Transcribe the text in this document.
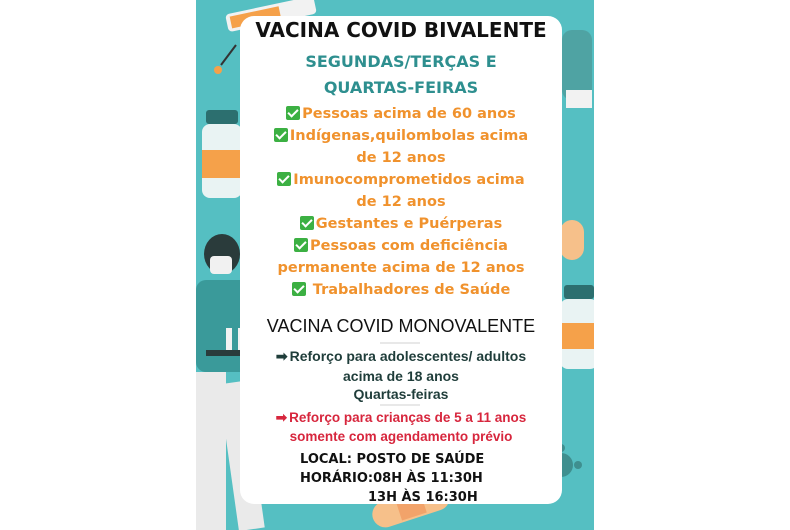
VACINA COVID BIVALENTE
SEGUNDAS/TERÇAS E
QUARTAS-FEIRAS
Pessoas acima de 60 anos
Indígenas,quilombolas acima
de 12 anos
Imunocomprometidos acima
de 12 anos
Gestantes e Puérperas
Pessoas com deficiência
permanente acima de 12 anos
Trabalhadores de Saúde
VACINA COVID MONOVALENTE
➡ Reforço para adolescentes/ adultos
acima de 18 anos
Quartas-feiras
➡ Reforço para crianças de 5 a 11 anos
somente com agendamento prévio
LOCAL: POSTO DE SAÚDE
HORÁRIO:08H ÀS 11:30H
13H ÀS 16:30H
